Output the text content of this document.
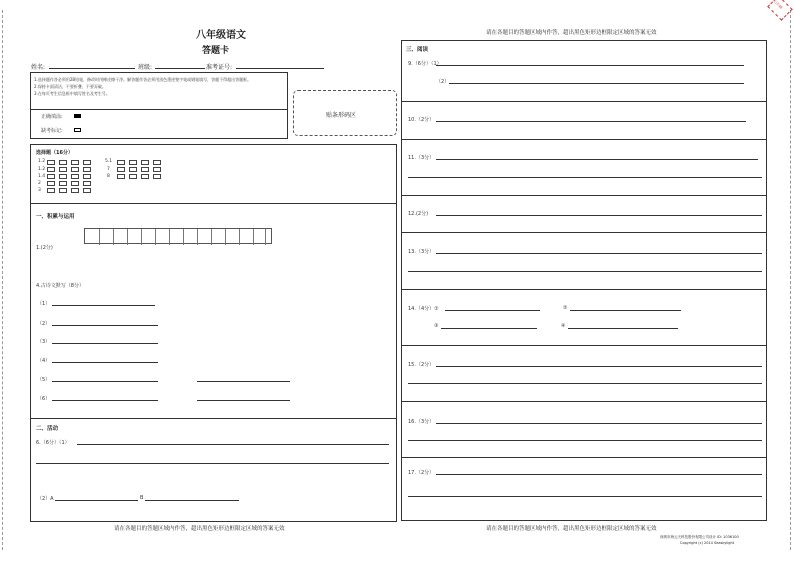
八年级语文
答题卡
姓名:	班级:	准考证号:
1.选择题作答必须用2B铅笔，修改时用橡皮擦干净。解答题作答必须用黑色墨迹签字笔或钢笔填写，答题不得超出答题框。
2.保持卡面清洁，不要折叠，不要弄破。
3.在每页考生信息框中填写姓名及考生号。
正确填涂:
缺考标记:
贴条形码区
选择题（16分）
1.2
1.2
1.4
2
3
5.1
7
8
一、积累与运用
1.(2分)
4.古诗文默写（8分）
（1）
（2）
（3）
（4）
（5）
（6）
二、活动
6.（6分）（1）
（2）A	B
请在各题目的答题区域内作答，超出黑色矩形边框限定区域的答案无效
请在各题目的答题区域内作答，超出黑色矩形边框限定区域的答案无效
三、阅读
9.（6分）（1）
（2）
10.（2分）
11.（3分）
12.(2分)
13.（3分）
14.（4分）①	②
③	④
15.（2分）
16.（3分）
17.（2分）
请在各题目的答题区域内作答，超出黑色矩形边框限定区域的答案无效
深圳市海云天科技股份有限公司设计 ID: 1036100
Copyright (c) 2014 Seaskylight
已扫描
